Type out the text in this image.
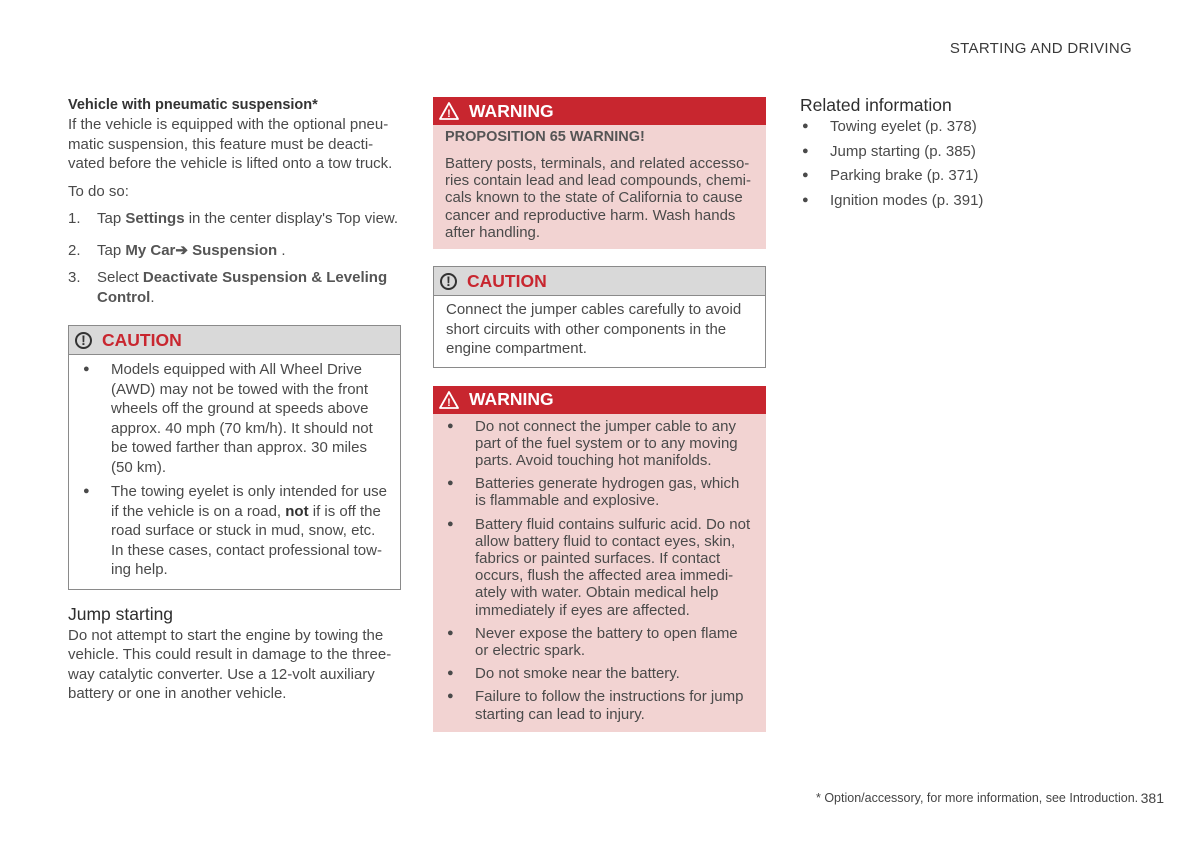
STARTING AND DRIVING
Vehicle with pneumatic suspension*

If the vehicle is equipped with the optional pneu-matic suspension, this feature must be deacti-vated before the vehicle is lifted onto a tow truck.

To do so:

1.	Tap Settings in the center display's Top view.
2.	Tap My Car➔ Suspension .
3.	Select Deactivate Suspension & Leveling Control.
! CAUTION
●	Models equipped with All Wheel Drive (AWD) may not be towed with the front wheels off the ground at speeds above approx. 40 mph (70 km/h). It should not be towed farther than approx. 30 miles (50 km).
●	The towing eyelet is only intended for use if the vehicle is on a road, not if is off the road surface or stuck in mud, snow, etc. In these cases, contact professional tow-ing help.
Jump starting

Do not attempt to start the engine by towing the vehicle. This could result in damage to the three-way catalytic converter. Use a 12-volt auxiliary battery or one in another vehicle.

! WARNING
PROPOSITION 65 WARNING!

Battery posts, terminals, and related accesso-ries contain lead and lead compounds, chemi-cals known to the state of California to cause cancer and reproductive harm. Wash hands after handling.

! CAUTION

Connect the jumper cables carefully to avoid short circuits with other components in the engine compartment.

! WARNING
●	Do not connect the jumper cable to any part of the fuel system or to any moving parts. Avoid touching hot manifolds.
●	Batteries generate hydrogen gas, which is flammable and explosive.
●	Battery fluid contains sulfuric acid. Do not allow battery fluid to contact eyes, skin, fabrics or painted surfaces. If contact occurs, flush the affected area immedi-ately with water. Obtain medical help immediately if eyes are affected.
●	Never expose the battery to open flame or electric spark.
●	Do not smoke near the battery.
●	Failure to follow the instructions for jump starting can lead to injury.
Related information
●	Towing eyelet (p. 378)
●	Jump starting (p. 385)
●	Parking brake (p. 371)
●	Ignition modes (p. 391)
* Option/accessory, for more information, see Introduction. 381
